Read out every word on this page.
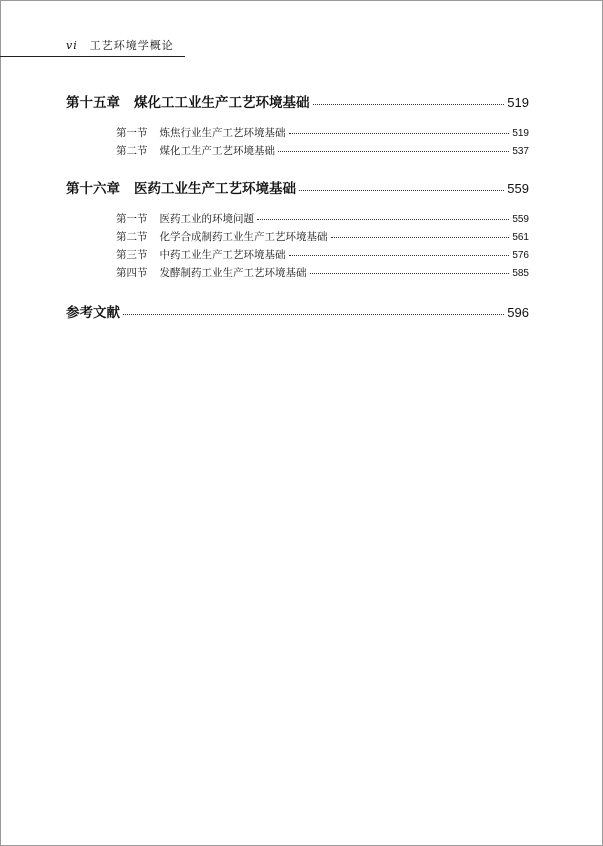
vi 工艺环境学概论
第十五章 煤化工工业生产工艺环境基础	519
第一节 炼焦行业生产工艺环境基础	519
第二节 煤化工生产工艺环境基础	537
第十六章 医药工业生产工艺环境基础	559
第一节 医药工业的环境问题	559
第二节 化学合成制药工业生产工艺环境基础	561
第三节 中药工业生产工艺环境基础	576
第四节 发酵制药工业生产工艺环境基础	585
参考文献	596
